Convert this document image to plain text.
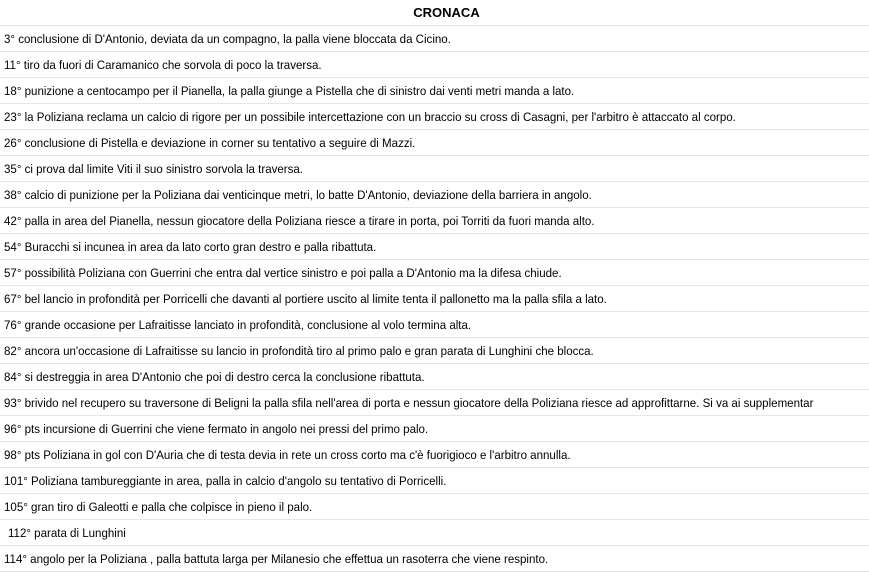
CRONACA
3° conclusione di D'Antonio, deviata da un compagno, la palla viene bloccata da Cicino.
11° tiro da fuori di Caramanico che sorvola di poco la traversa.
18° punizione a centocampo per il Pianella, la palla giunge a Pistella che di sinistro dai venti metri manda a lato.
23° la Poliziana reclama un calcio di rigore per un possibile intercettazione con un braccio su cross di Casagni, per l'arbitro è attaccato al corpo.
26° conclusione di Pistella e deviazione in corner su tentativo a seguire di Mazzi.
35° ci prova dal limite Viti il suo sinistro sorvola la traversa.
38° calcio di punizione per la Poliziana dai venticinque metri, lo batte D'Antonio, deviazione della barriera in angolo.
42° palla in area del Pianella, nessun giocatore della Poliziana riesce a tirare in porta, poi Torriti da fuori manda alto.
54° Buracchi si incunea in area da lato corto gran destro e palla ribattuta.
57° possibilità Poliziana con Guerrini che entra dal vertice sinistro e poi palla a D'Antonio ma la difesa chiude.
67° bel lancio in profondità per Porricelli che davanti al portiere uscito al limite tenta il pallonetto ma la palla sfila a lato.
76° grande occasione per Lafraitisse lanciato in profondità, conclusione al volo termina alta.
82° ancora un'occasione di Lafraitisse su lancio in profondità tiro al primo palo e gran parata di Lunghini che blocca.
84° si destreggia in area D'Antonio che poi di destro cerca la conclusione ribattuta.
93° brivido nel recupero su traversone di Beligni la palla sfila nell'area di porta e nessun giocatore della Poliziana riesce ad approfittarne. Si va ai supplementar
96° pts incursione di Guerrini che viene fermato in angolo nei pressi del primo palo.
98° pts Poliziana in gol con D'Auria che di testa devia in rete un cross corto ma c'è fuorigioco e l'arbitro annulla.
101° Poliziana tambureggiante in area, palla in calcio d'angolo su tentativo di Porricelli.
105° gran tiro di Galeotti e palla che colpisce in pieno il palo.
112° parata di Lunghini
114° angolo per la Poliziana , palla battuta larga per Milanesio che effettua un rasoterra che viene respinto.
